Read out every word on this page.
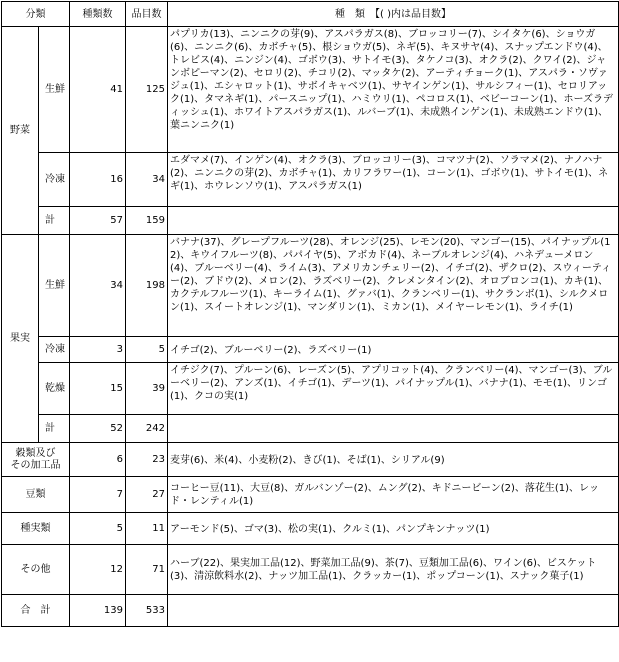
分類		種類数	品目数	種　類　【( )内は品目数】
野菜	生鮮	41	125	パプリカ(13)、ニンニクの芽(9)、アスパラガス(8)、ブロッコリー(7)、シイタケ(6)、ショウガ(6)、ニンニク(6)、カボチャ(5)、根ショウガ(5)、ネギ(5)、キヌサヤ(4)、スナップエンドウ(4)、トレビス(4)、ニンジン(4)、ゴボウ(3)、サトイモ(3)、タケノコ(3)、オクラ(2)、クワイ(2)、ジャンボピーマン(2)、セロリ(2)、チコリ(2)、マッタケ(2)、アーティチョーク(1)、アスパラ・ソヴァジュ(1)、エシャロット(1)、サボイキャベツ(1)、サヤインゲン(1)、サルシフィー(1)、セロリアック(1)、タマネギ(1)、パースニップ(1)、ハミウリ(1)、ペコロス(1)、ベビーコーン(1)、ホーズラディッシュ(1)、ホワイトアスパラガス(1)、ルバーブ(1)、未成熟インゲン(1)、未成熟エンドウ(1)、葉ニンニク(1)
	冷凍	16	34	エダマメ(7)、インゲン(4)、オクラ(3)、ブロッコリー(3)、コマツナ(2)、ソラマメ(2)、ナノハナ(2)、ニンニクの芽(2)、カボチャ(1)、カリフラワー(1)、コーン(1)、ゴボウ(1)、サトイモ(1)、ネギ(1)、ホウレンソウ(1)、アスパラガス(1)
	計	57	159	
果実	生鮮	34	198	バナナ(37)、グレープフルーツ(28)、オレンジ(25)、レモン(20)、マンゴー(15)、パイナップル(12)、キウイフルーツ(8)、パパイヤ(5)、アボカド(4)、ネーブルオレンジ(4)、ハネデューメロン(4)、ブルーベリー(4)、ライム(3)、アメリカンチェリー(2)、イチゴ(2)、ザクロ(2)、スウィーティー(2)、ブドウ(2)、メロン(2)、ラズベリー(2)、クレメンタイン(2)、オロブロンコ(1)、カキ(1)、カクテルフルーツ(1)、キーライム(1)、グァバ(1)、クランベリー(1)、サクランボ(1)、シルクメロン(1)、スイートオレンジ(1)、マンダリン(1)、ミカン(1)、メイヤーレモン(1)、ライチ(1)
	冷凍	3	5	イチゴ(2)、ブルーベリー(2)、ラズベリー(1)
	乾燥	15	39	イチジク(7)、プルーン(6)、レーズン(5)、アプリコット(4)、クランベリー(4)、マンゴー(3)、ブルーベリー(2)、アンズ(1)、イチゴ(1)、デーツ(1)、パイナップル(1)、バナナ(1)、モモ(1)、リンゴ(1)、クコの実(1)
	計	52	242	
穀類及び
その加工品		6	23	麦芽(6)、米(4)、小麦粉(2)、きび(1)、そば(1)、シリアル(9)
豆類		7	27	コーヒー豆(11)、大豆(8)、ガルバンゾー(2)、ムング(2)、キドニービーン(2)、落花生(1)、レッド・レンティル(1)
種実類		5	11	アーモンド(5)、ゴマ(3)、松の実(1)、クルミ(1)、パンプキンナッツ(1)
その他		12	71	ハーブ(22)、果実加工品(12)、野菜加工品(9)、茶(7)、豆類加工品(6)、ワイン(6)、ビスケット(3)、清涼飲料水(2)、ナッツ加工品(1)、クラッカー(1)、ポップコーン(1)、スナック菓子(1)
合　計		139	533	
